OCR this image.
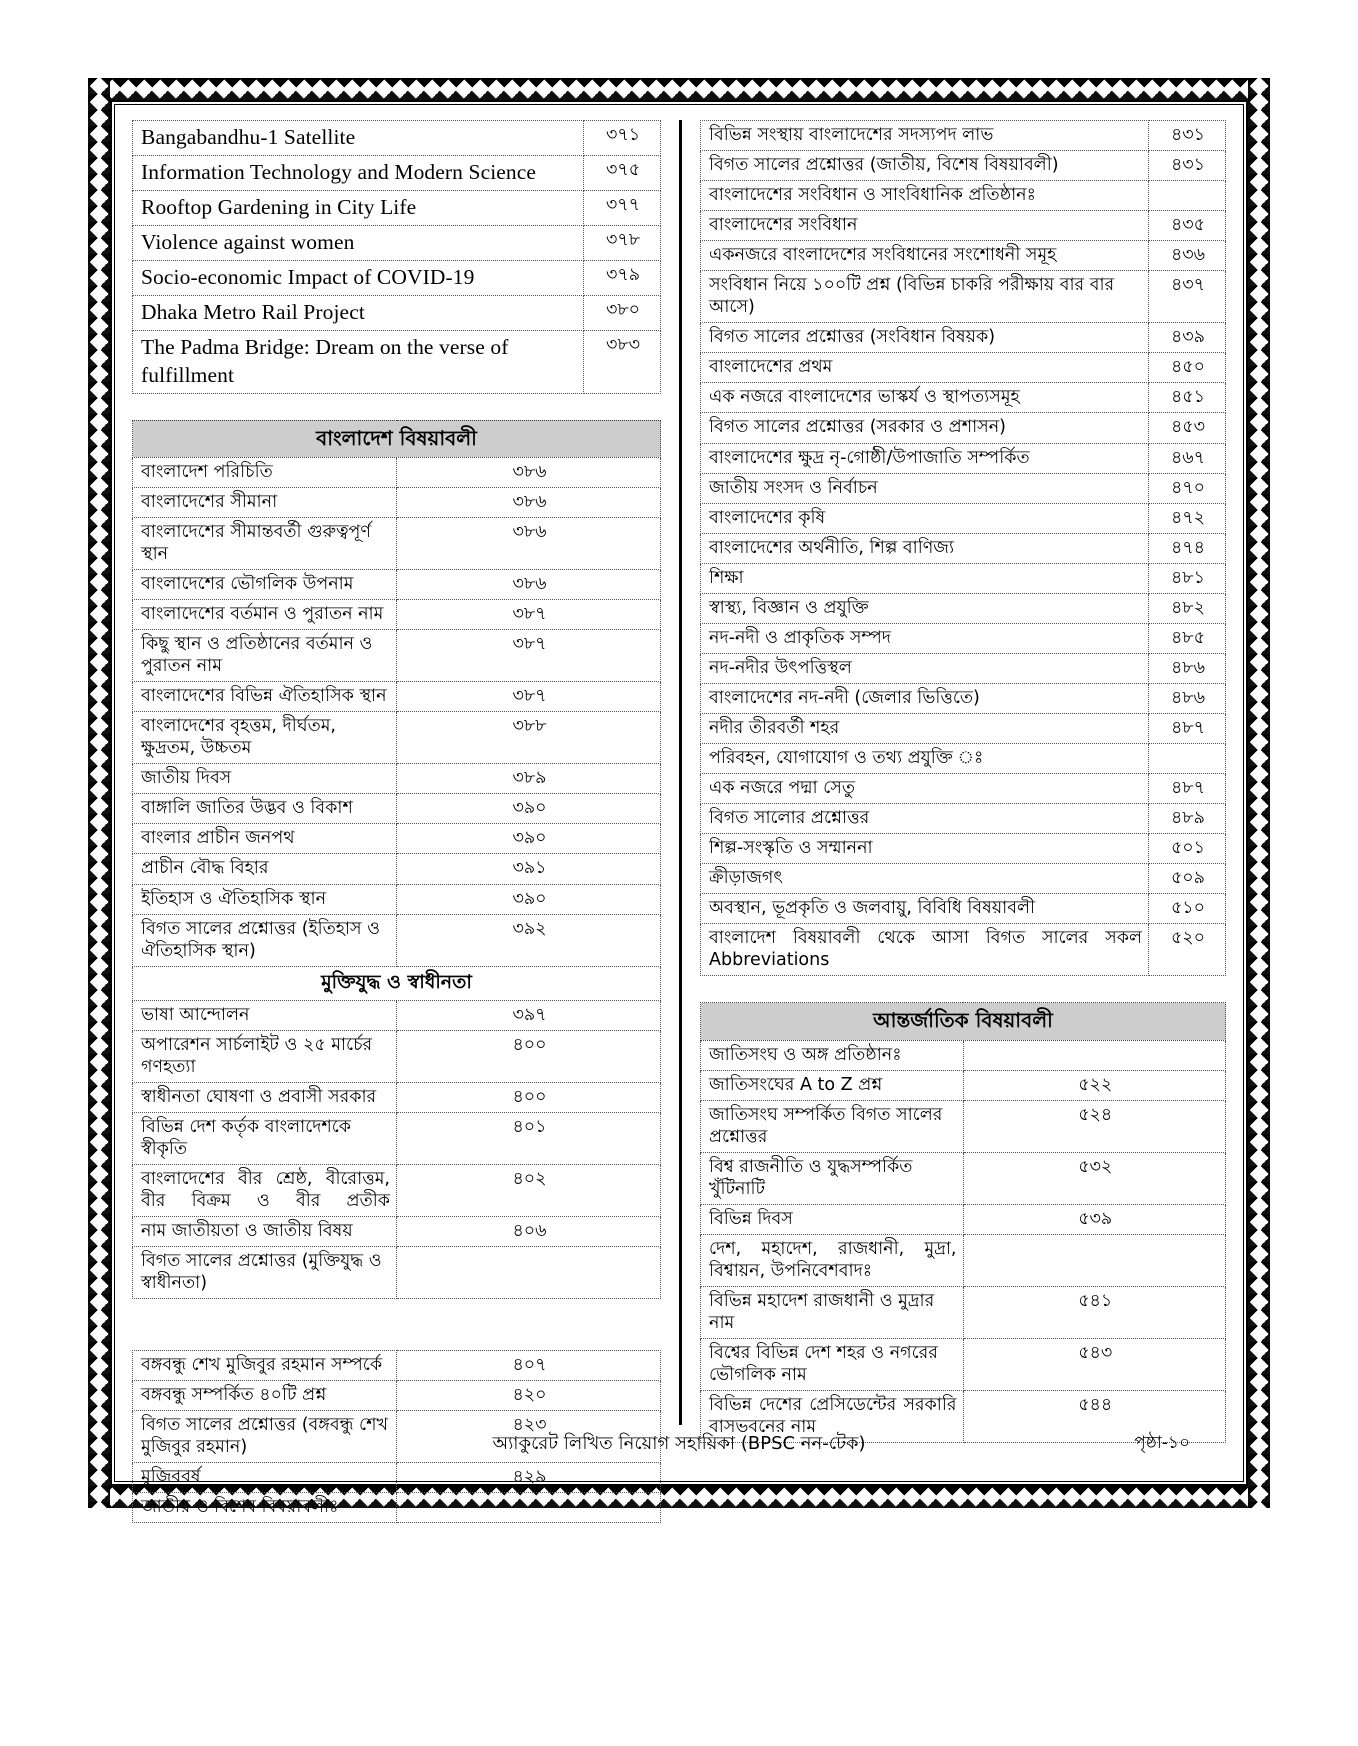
Bangabandhu-1 Satellite	৩৭১
Information Technology and Modern Science	৩৭৫
Rooftop Gardening in City Life	৩৭৭
Violence against women	৩৭৮
Socio-economic Impact of COVID-19	৩৭৯
Dhaka Metro Rail Project	৩৮০
The Padma Bridge: Dream on the verse of fulfillment	৩৮৩
বাংলাদেশ বিষয়াবলী	
বাংলাদেশ পরিচিতি	৩৮৬
বাংলাদেশের সীমানা	৩৮৬
বাংলাদেশের সীমান্তবর্তী গুরুত্বপূর্ণ স্থান	৩৮৬
বাংলাদেশের ভৌগলিক উপনাম	৩৮৬
বাংলাদেশের বর্তমান ও পুরাতন নাম	৩৮৭
কিছু স্থান ও প্রতিষ্ঠানের বর্তমান ও পুরাতন নাম	৩৮৭
বাংলাদেশের বিভিন্ন ঐতিহাসিক স্থান	৩৮৭
বাংলাদেশের বৃহত্তম, দীর্ঘতম, ক্ষুদ্রতম, উচ্চতম	৩৮৮
জাতীয় দিবস	৩৮৯
বাঙ্গালি জাতির উদ্ভব ও বিকাশ	৩৯০
বাংলার প্রাচীন জনপথ	৩৯০
প্রাচীন বৌদ্ধ বিহার	৩৯১
ইতিহাস ও ঐতিহাসিক স্থান	৩৯০
বিগত সালের প্রশ্নোত্তর (ইতিহাস ও ঐতিহাসিক স্থান)	৩৯২
মুক্তিযুদ্ধ ও স্বাধীনতা	
ভাষা আন্দোলন	৩৯৭
অপারেশন সার্চলাইট ও ২৫ মার্চের গণহত্যা	৪০০
স্বাধীনতা ঘোষণা ও প্রবাসী সরকার	৪০০
বিভিন্ন দেশ কর্তৃক বাংলাদেশকে স্বীকৃতি	৪০১
বাংলাদেশের বীর শ্রেষ্ঠ, বীরোত্তম, বীর বিক্রম ও বীর প্রতীক	৪০২
নাম জাতীয়তা ও জাতীয় বিষয়	৪০৬
বিগত সালের প্রশ্নোত্তর (মুক্তিযুদ্ধ ও স্বাধীনতা)	

বঙ্গবন্ধু শেখ মুজিবুর রহমান সম্পর্কে	৪০৭
বঙ্গবন্ধু সম্পর্কিত ৪০টি প্রশ্ন	৪২০
বিগত সালের প্রশ্নোত্তর (বঙ্গবন্ধু শেখ মুজিবুর রহমান)	৪২৩
মুজিববর্ষ	৪২৯
জাতীয় ও বিশেষ বিষয়াবলীঃ	
বিভিন্ন সংস্থায় বাংলাদেশের সদস্যপদ লাভ	৪৩১
বিগত সালের প্রশ্নোত্তর (জাতীয়, বিশেষ বিষয়াবলী)	৪৩১
বাংলাদেশের সংবিধান ও সাংবিধানিক প্রতিষ্ঠানঃ	
বাংলাদেশের সংবিধান	৪৩৫
একনজরে বাংলাদেশের সংবিধানের সংশোধনী সমূহ	৪৩৬
সংবিধান নিয়ে ১০০টি প্রশ্ন (বিভিন্ন চাকরি পরীক্ষায় বার বার আসে)	৪৩৭
বিগত সালের প্রশ্নোত্তর (সংবিধান বিষয়ক)	৪৩৯
বাংলাদেশের প্রথম	৪৫০
এক নজরে বাংলাদেশের ভাস্কর্য ও স্থাপত্যসমূহ	৪৫১
বিগত সালের প্রশ্নোত্তর (সরকার ও প্রশাসন)	৪৫৩
বাংলাদেশের ক্ষুদ্র নৃ-গোষ্ঠী/উপাজাতি সম্পর্কিত	৪৬৭
জাতীয় সংসদ ও নির্বাচন	৪৭০
বাংলাদেশের কৃষি	৪৭২
বাংলাদেশের অর্থনীতি, শিল্প বাণিজ্য	৪৭৪
শিক্ষা	৪৮১
স্বাস্থ্য, বিজ্ঞান ও প্রযুক্তি	৪৮২
নদ-নদী ও প্রাকৃতিক সম্পদ	৪৮৫
নদ-নদীর উৎপত্তিস্থল	৪৮৬
বাংলাদেশের নদ-নদী (জেলার ভিত্তিতে)	৪৮৬
নদীর তীরবর্তী শহর	৪৮৭
পরিবহন, যোগাযোগ ও তথ্য প্রযুক্তি ঃ	
এক নজরে পদ্মা সেতু	৪৮৭
বিগত সালোর প্রশ্নোত্তর	৪৮৯
শিল্প-সংস্কৃতি ও সম্মাননা	৫০১
ক্রীড়াজগৎ	৫০৯
অবস্থান, ভূপ্রকৃতি ও জলবায়ু, বিবিধি বিষয়াবলী	৫১০
বাংলাদেশ বিষয়াবলী থেকে আসা বিগত সালের সকল Abbreviations	৫২০
আন্তর্জাতিক বিষয়াবলী	
জাতিসংঘ ও অঙ্গ প্রতিষ্ঠানঃ	
জাতিসংঘের A to Z প্রশ্ন	৫২২
জাতিসংঘ সম্পর্কিত বিগত সালের প্রশ্নোত্তর	৫২৪
বিশ্ব রাজনীতি ও যুদ্ধসম্পর্কিত খুঁটিনাটি	৫৩২
বিভিন্ন দিবস	৫৩৯
দেশ, মহাদেশ, রাজধানী, মুদ্রা, বিশ্বায়ন, উপনিবেশবাদঃ	
বিভিন্ন মহাদেশ রাজধানী ও মুদ্রার নাম	৫৪১
বিশ্বের বিভিন্ন দেশ শহর ও নগরের ভৌগলিক নাম	৫৪৩
বিভিন্ন দেশের প্রেসিডেন্টের সরকারি বাসভবনের নাম	৫৪৪
অ্যাকুরেট লিখিত নিয়োগ সহায়িকা (BPSC নন-টেক)	পৃষ্ঠা-১০
